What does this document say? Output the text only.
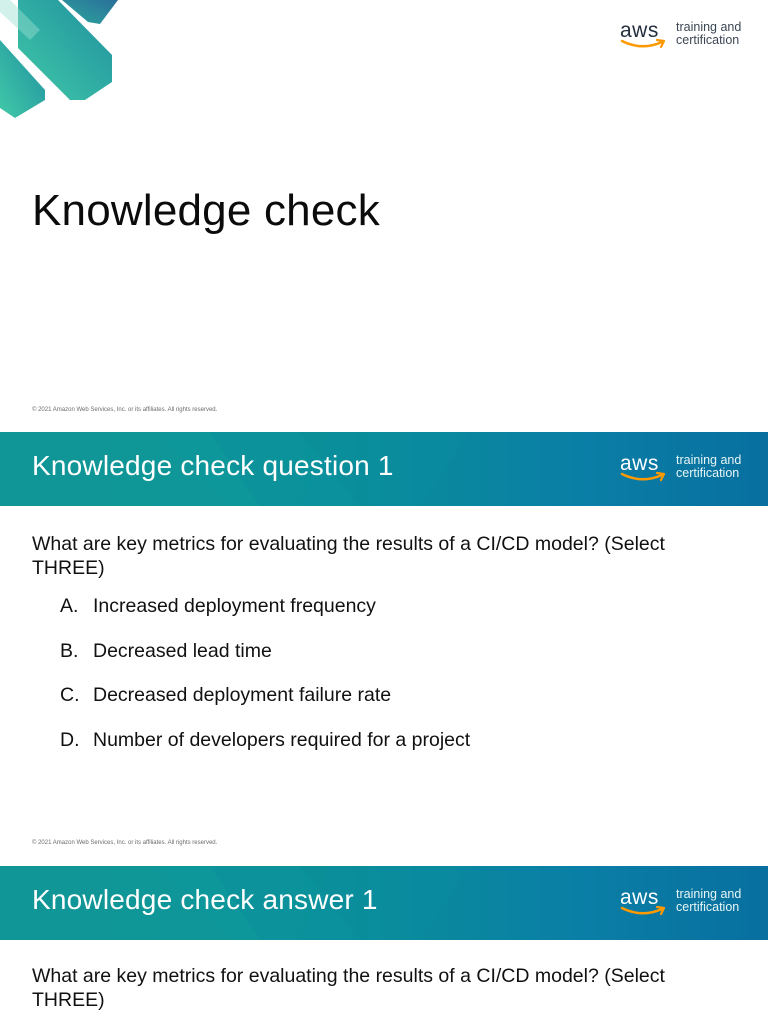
aws	training and
certification
Knowledge check
© 2021 Amazon Web Services, Inc. or its affiliates. All rights reserved.
Knowledge check question 1	aws	training and
certification
What are key metrics for evaluating the results of a CI/CD model? (Select THREE)
A. Increased deployment frequency
B. Decreased lead time
C. Decreased deployment failure rate
D. Number of developers required for a project
© 2021 Amazon Web Services, Inc. or its affiliates. All rights reserved.
Knowledge check answer 1	aws	training and
certification
What are key metrics for evaluating the results of a CI/CD model? (Select THREE)
